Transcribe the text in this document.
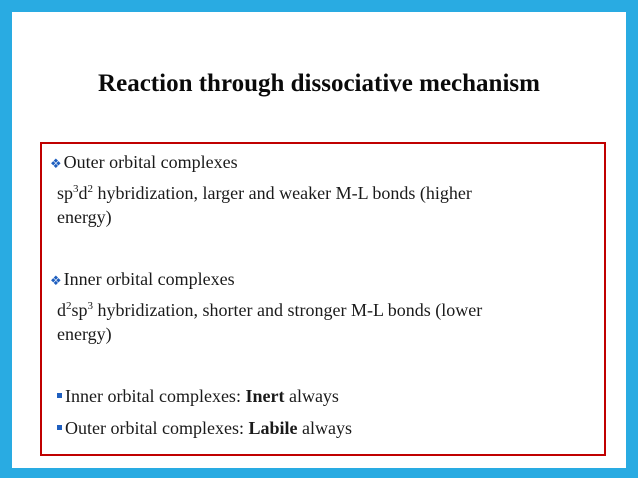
Reaction through dissociative mechanism
❖ Outer orbital complexes
$sp^3d^2$ hybridization, larger and weaker M-L bonds (higher
energy)
❖ Inner orbital complexes
$d^2sp^3$ hybridization, shorter and stronger M-L bonds (lower
energy)
Inner orbital complexes: Inert always
Outer orbital complexes: Labile always
